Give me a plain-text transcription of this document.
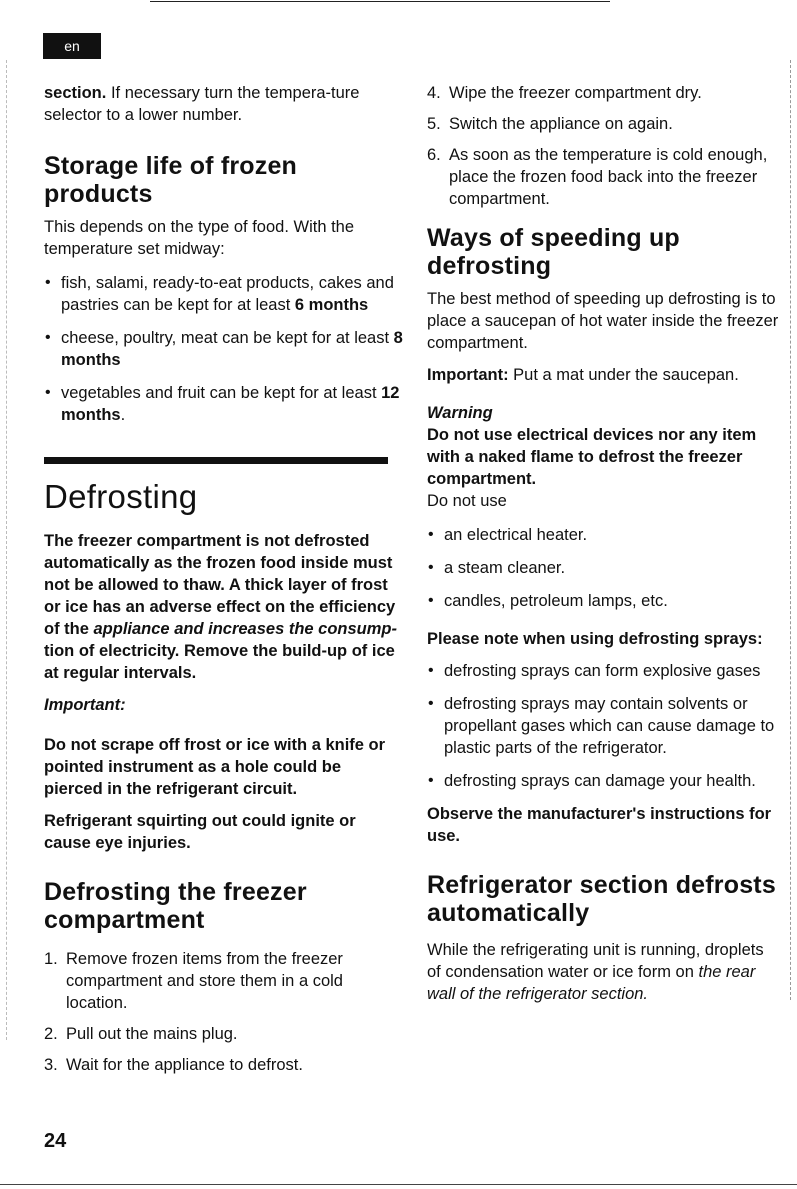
en

section. If necessary turn the tempera-ture selector to a lower number.

Storage life of frozen products

This depends on the type of food. With the temperature set midway:

• fish, salami, ready-to-eat products, cakes and pastries can be kept for at least 6 months
• cheese, poultry, meat can be kept for at least 8 months
• vegetables and fruit can be kept for at least 12 months.
Defrosting

The freezer compartment is not defrosted automatically as the frozen food inside must not be allowed to thaw. A thick layer of frost or ice has an adverse effect on the efficiency of the appliance and increases the consump- tion of electricity. Remove the build-up of ice at regular intervals.

Important:

Do not scrape off frost or ice with a knife or pointed instrument as a hole could be pierced in the refrigerant circuit.

Refrigerant squirting out could ignite or cause eye injuries.

Defrosting the freezer compartment
1. Remove frozen items from the freezer compartment and store them in a cold location.
2. Pull out the mains plug.
3. Wait for the appliance to defrost.
4. Wipe the freezer compartment dry.
5. Switch the appliance on again.
6. As soon as the temperature is cold enough, place the frozen food back into the freezer compartment.
Ways of speeding up defrosting

The best method of speeding up defrosting is to place a saucepan of hot water inside the freezer compartment.

Important: Put a mat under the saucepan.

Warning

Do not use electrical devices nor any item with a naked flame to defrost the freezer compartment.

Do not use

• an electrical heater.
• a steam cleaner.
• candles, petroleum lamps, etc.

Please note when using defrosting sprays:

• defrosting sprays can form explosive gases
• defrosting sprays may contain solvents or propellant gases which can cause damage to plastic parts of the refrigerator.
• defrosting sprays can damage your health.

Observe the manufacturer's instructions for use.

Refrigerator section defrosts automatically

While the refrigerating unit is running, droplets of condensation water or ice form on the rear wall of the refrigerator section.

24
